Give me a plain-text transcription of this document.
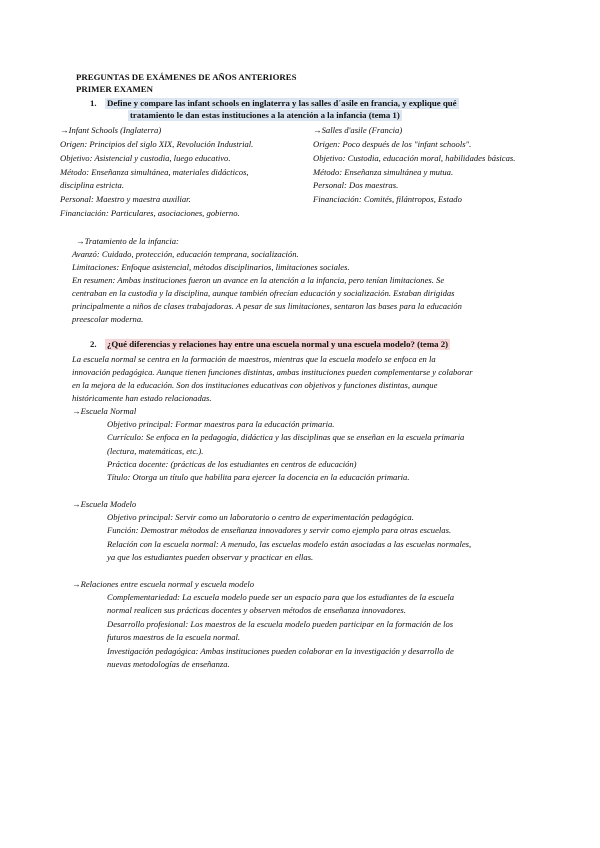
PREGUNTAS DE EXÁMENES DE AÑOS ANTERIORES
PRIMER EXAMEN
1. Define y compare las infant schools en inglaterra y las salles d´asile en francia, y explique qué
tratamiento le dan estas instituciones a la atención a la infancia (tema 1)
→Infant Schools (Inglaterra)
Origen: Principios del siglo XIX, Revolución Industrial.
Objetivo: Asistencial y custodia, luego educativo.
Método: Enseñanza simultánea, materiales didácticos,
disciplina estricta.
Personal: Maestro y maestra auxiliar.
Financiación: Particulares, asociaciones, gobierno.
→Salles d'asile (Francia)
Origen: Poco después de los "infant schools".
Objetivo: Custodia, educación moral, habilidades básicas.
Método: Enseñanza simultánea y mutua.
Personal: Dos maestras.
Financiación: Comités, filántropos, Estado
→Tratamiento de la infancia:
Avanzó: Cuidado, protección, educación temprana, socialización.
Limitaciones: Enfoque asistencial, métodos disciplinarios, limitaciones sociales.
En resumen: Ambas instituciones fueron un avance en la atención a la infancia, pero tenían limitaciones. Se
centraban en la custodia y la disciplina, aunque también ofrecían educación y socialización. Estaban dirigidas
principalmente a niños de clases trabajadoras. A pesar de sus limitaciones, sentaron las bases para la educación
preescolar moderna.
2. ¿Qué diferencias y relaciones hay entre una escuela normal y una escuela modelo? (tema 2)
La escuela normal se centra en la formación de maestros, mientras que la escuela modelo se enfoca en la
innovación pedagógica. Aunque tienen funciones distintas, ambas instituciones pueden complementarse y colaborar
en la mejora de la educación. Son dos instituciones educativas con objetivos y funciones distintas, aunque
históricamente han estado relacionadas.
→Escuela Normal
Objetivo principal: Formar maestros para la educación primaria.
Currículo: Se enfoca en la pedagogía, didáctica y las disciplinas que se enseñan en la escuela primaria
(lectura, matemáticas, etc.).
Práctica docente: (prácticas de los estudiantes en centros de educación)
Título: Otorga un título que habilita para ejercer la docencia en la educación primaria.
→Escuela Modelo
Objetivo principal: Servir como un laboratorio o centro de experimentación pedagógica.
Función: Demostrar métodos de enseñanza innovadores y servir como ejemplo para otras escuelas.
Relación con la escuela normal: A menudo, las escuelas modelo están asociadas a las escuelas normales,
ya que los estudiantes pueden observar y practicar en ellas.
→Relaciones entre escuela normal y escuela modelo
Complementariedad: La escuela modelo puede ser un espacio para que los estudiantes de la escuela
normal realicen sus prácticas docentes y observen métodos de enseñanza innovadores.
Desarrollo profesional: Los maestros de la escuela modelo pueden participar en la formación de los
futuros maestros de la escuela normal.
Investigación pedagógica: Ambas instituciones pueden colaborar en la investigación y desarrollo de
nuevas metodologías de enseñanza.
